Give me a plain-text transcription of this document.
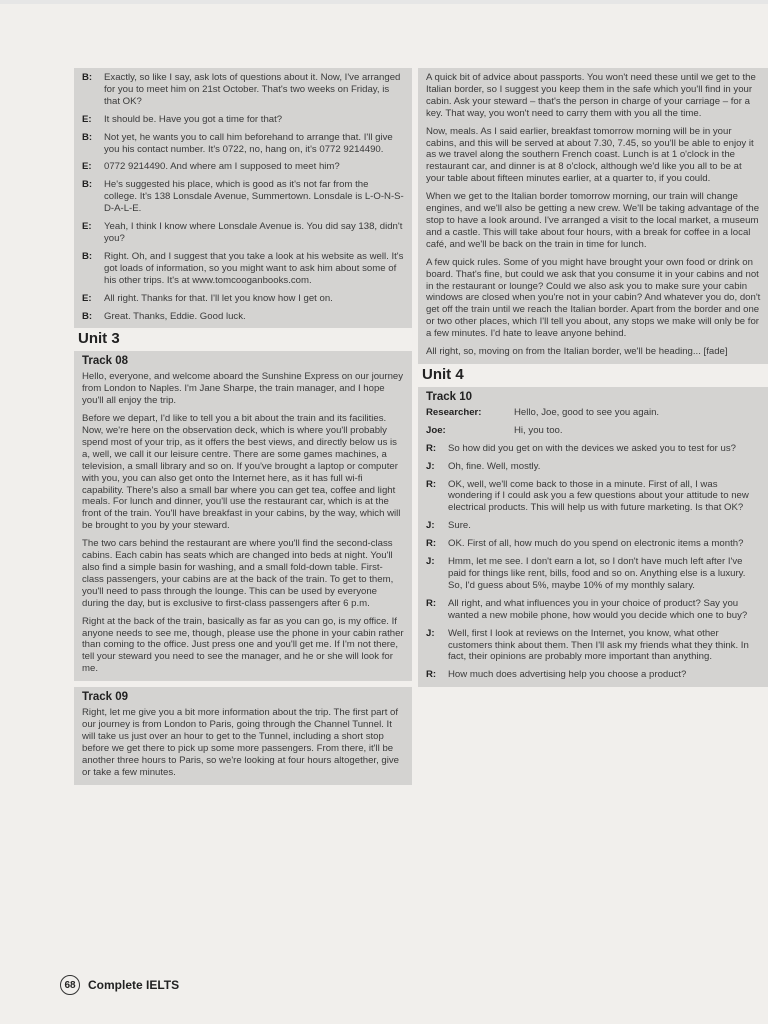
B:	Exactly, so like I say, ask lots of questions about it. Now, I've arranged for you to meet him on 21st October. That's two weeks on Friday, is that OK?
E:	It should be. Have you got a time for that?
B:	Not yet, he wants you to call him beforehand to arrange that. I'll give you his contact number. It's 0722, no, hang on, it's 0772 9214490.
E:	0772 9214490. And where am I supposed to meet him?
B:	He's suggested his place, which is good as it's not far from the college. It's 138 Lonsdale Avenue, Summertown. Lonsdale is L-O-N-S-D-A-L-E.
E:	Yeah, I think I know where Lonsdale Avenue is. You did say 138, didn't you?
B:	Right. Oh, and I suggest that you take a look at his website as well. It's got loads of information, so you might want to ask him about some of his other trips. It's at www.tomcooganbooks.com.
E:	All right. Thanks for that. I'll let you know how I get on.
B:	Great. Thanks, Eddie. Good luck.
Unit 3
Track 08

Hello, everyone, and welcome aboard the Sunshine Express on our journey from London to Naples. I'm Jane Sharpe, the train manager, and I hope you'll all enjoy the trip.

Before we depart, I'd like to tell you a bit about the train and its facilities. Now, we're here on the observation deck, which is where you'll probably spend most of your trip, as it offers the best views, and directly below us is a, well, we call it our leisure centre. There are some games machines, a television, a small library and so on. If you've brought a laptop or computer with you, you can also get onto the Internet here, as it has full wi-fi capability. There's also a small bar where you can get tea, coffee and light meals. For lunch and dinner, you'll use the restaurant car, which is at the front of the train. You'll have breakfast in your cabins, by the way, which will be brought to you by your steward.

The two cars behind the restaurant are where you'll find the second-class cabins. Each cabin has seats which are changed into beds at night. You'll also find a simple basin for washing, and a small fold-down table. First-class passengers, your cabins are at the back of the train. To get to them, you'll need to pass through the lounge. This can be used by everyone during the day, but is exclusive to first-class passengers after 6 p.m.

Right at the back of the train, basically as far as you can go, is my office. If anyone needs to see me, though, please use the phone in your cabin rather than coming to the office. Just press one and you'll get me. If I'm not there, tell your steward you need to see the manager, and he or she will look for me.

Track 09

Right, let me give you a bit more information about the trip. The first part of our journey is from London to Paris, going through the Channel Tunnel. It will take us just over an hour to get to the Tunnel, including a short stop before we get there to pick up some more passengers. From there, it'll be another three hours to Paris, so we're looking at four hours altogether, give or take a few minutes.

A quick bit of advice about passports. You won't need these until we get to the Italian border, so I suggest you keep them in the safe which you'll find in your cabin. Ask your steward – that's the person in charge of your carriage – for a key. That way, you won't need to carry them with you all the time.

Now, meals. As I said earlier, breakfast tomorrow morning will be in your cabins, and this will be served at about 7.30, 7.45, so you'll be able to enjoy it as we travel along the southern French coast. Lunch is at 1 o'clock in the restaurant car, and dinner is at 8 o'clock, although we'd like you all to be at your table about fifteen minutes earlier, at a quarter to, if you could.

When we get to the Italian border tomorrow morning, our train will change engines, and we'll also be getting a new crew. We'll be taking advantage of the stop to have a look around. I've arranged a visit to the local market, a museum and a castle. This will take about four hours, with a break for coffee in a local café, and we'll be back on the train in time for lunch.

A few quick rules. Some of you might have brought your own food or drink on board. That's fine, but could we ask that you consume it in your cabins and not in the restaurant or lounge? Could we also ask you to make sure your cabin windows are closed when you're not in your cabin? And whatever you do, don't get off the train until we reach the Italian border. Apart from the border and one or two other places, which I'll tell you about, any stops we make will only be for a few minutes. I'd hate to leave anyone behind.

All right, so, moving on from the Italian border, we'll be heading... [fade]

Unit 4
Track 10
Researcher:	Hello, Joe, good to see you again.
Joe:	Hi, you too.
R:	So how did you get on with the devices we asked you to test for us?
J:	Oh, fine. Well, mostly.
R:	OK, well, we'll come back to those in a minute. First of all, I was wondering if I could ask you a few questions about your attitude to new electrical products. This will help us with future marketing. Is that OK?
J:	Sure.
R:	OK. First of all, how much do you spend on electronic items a month?
J:	Hmm, let me see. I don't earn a lot, so I don't have much left after I've paid for things like rent, bills, food and so on. Anything else is a luxury. So, I'd guess about 5%, maybe 10% of my monthly salary.
R:	All right, and what influences you in your choice of product? Say you wanted a new mobile phone, how would you decide which one to buy?
J:	Well, first I look at reviews on the Internet, you know, what other customers think about them. Then I'll ask my friends what they think. In fact, their opinions are probably more important than anything.
R:	How much does advertising help you choose a product?
68	Complete IELTS
